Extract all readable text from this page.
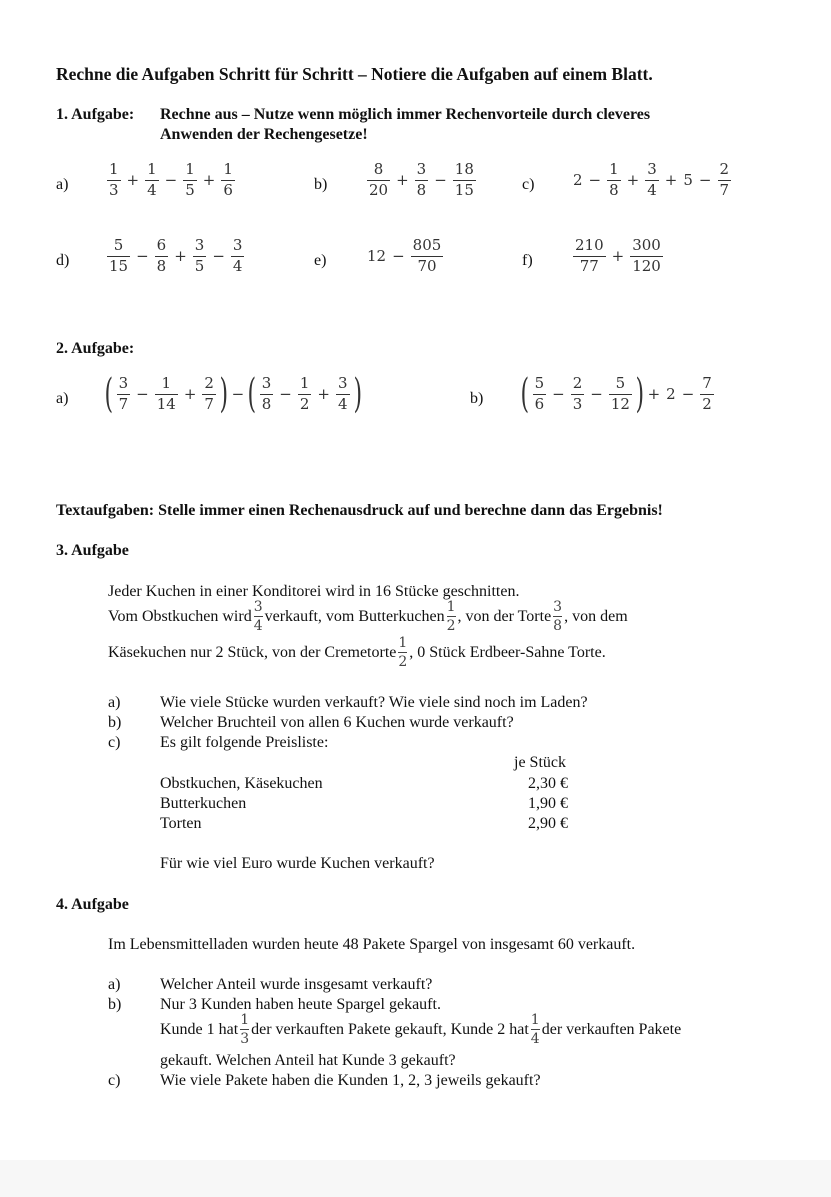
Rechne die Aufgaben Schritt für Schritt – Notiere die Aufgaben auf einem Blatt.
1. Aufgabe: Rechne aus – Nutze wenn möglich immer Rechenvorteile durch cleveres
Anwenden der Rechengesetze!
a)	$\frac{1}{3} + \frac{1}{4} - \frac{1}{5} + \frac{1}{6}$	b)	$\frac{8}{20} + \frac{3}{8} - \frac{18}{15}$	c)	$2 - \frac{1}{8} + \frac{3}{4} + 5 - \frac{2}{7}$
d)	$\frac{5}{15} - \frac{6}{8} + \frac{3}{5} - \frac{3}{4}$	e)	$12 - \frac{805}{70}$	f)	$\frac{210}{77} + \frac{300}{120}$
2. Aufgabe:
a) ( $\frac{3}{7} - \frac{1}{14} + \frac{2}{7}$ ) − ( $\frac{3}{8} - \frac{1}{2} + \frac{3}{4}$ )	b) ( $\frac{5}{6} - \frac{2}{3} - \frac{5}{12}$ ) + $2 - \frac{7}{2}$
Textaufgaben: Stelle immer einen Rechenausdruck auf und berechne dann das Ergebnis!
3. Aufgabe
Jeder Kuchen in einer Konditorei wird in 16 Stücke geschnitten.
Vom Obstkuchen wird
3
4
verkauft, vom Butterkuchen
1
2
, von der Torte
3
8
, von dem
Käsekuchen nur 2 Stück, von der Cremetorte
1
2
, 0 Stück Erdbeer-Sahne Torte.
a) Wie viele Stücke wurden verkauft? Wie viele sind noch im Laden?
b) Welcher Bruchteil von allen 6 Kuchen wurde verkauft?
c) Es gilt folgende Preisliste:
je Stück
Obstkuchen, Käsekuchen	2,30 €
Butterkuchen	1,90 €
Torten	2,90 €
Für wie viel Euro wurde Kuchen verkauft?
4. Aufgabe
Im Lebensmittelladen wurden heute 48 Pakete Spargel von insgesamt 60 verkauft.
a) Welcher Anteil wurde insgesamt verkauft?
b) Nur 3 Kunden haben heute Spargel gekauft.
Kunde 1 hat
1
3
der verkauften Pakete gekauft, Kunde 2 hat
1
4
der verkauften Pakete
gekauft. Welchen Anteil hat Kunde 3 gekauft?
c) Wie viele Pakete haben die Kunden 1, 2, 3 jeweils gekauft?
